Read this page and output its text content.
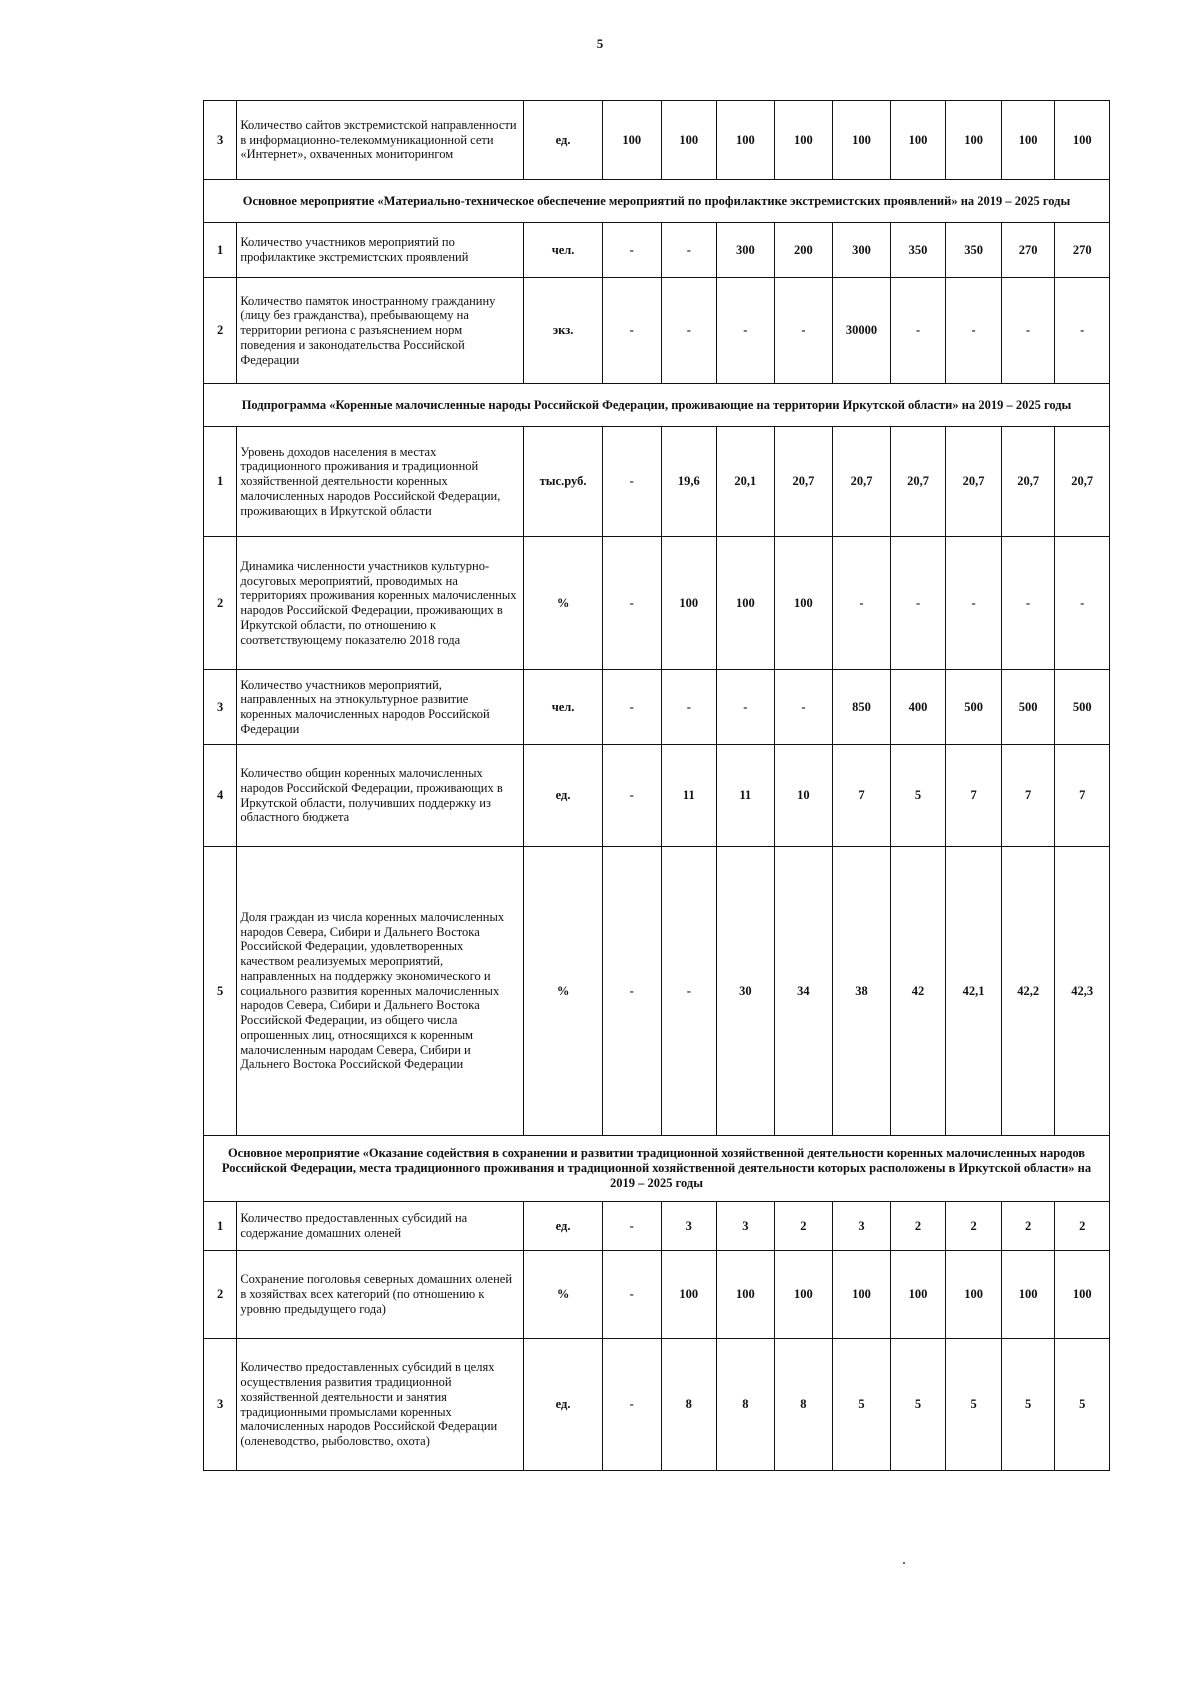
5
3	Количество сайтов экстремистской направленности в информационно-телекоммуникационной сети «Интернет», охваченных мониторингом	ед.	100	100	100	100	100	100	100	100	100
Основное мероприятие «Материально-техническое обеспечение мероприятий по профилактике экстремистских проявлений» на 2019 – 2025 годы											
1	Количество участников мероприятий по профилактике экстремистских проявлений	чел.	-	-	300	200	300	350	350	270	270
2	Количество памяток иностранному гражданину (лицу без гражданства), пребывающему на территории региона с разъяснением норм поведения и законодательства Российской Федерации	экз.	-	-	-	-	30000	-	-	-	-
Подпрограмма «Коренные малочисленные народы Российской Федерации, проживающие на территории Иркутской области» на 2019 – 2025 годы											
1	Уровень доходов населения в местах традиционного проживания и традиционной хозяйственной деятельности коренных малочисленных народов Российской Федерации, проживающих в Иркутской области	тыс.руб.	-	19,6	20,1	20,7	20,7	20,7	20,7	20,7	20,7
2	Динамика численности участников культурно-досуговых мероприятий, проводимых на территориях проживания коренных малочисленных народов Российской Федерации, проживающих в Иркутской области, по отношению к соответствующему показателю 2018 года	%	-	100	100	100	-	-	-	-	-
3	Количество участников мероприятий, направленных на этнокультурное развитие коренных малочисленных народов Российской Федерации	чел.	-	-	-	-	850	400	500	500	500
4	Количество общин коренных малочисленных народов Российской Федерации, проживающих в Иркутской области, получивших поддержку из областного бюджета	ед.	-	11	11	10	7	5	7	7	7
5	Доля граждан из числа коренных малочисленных народов Севера, Сибири и Дальнего Востока Российской Федерации, удовлетворенных качеством реализуемых мероприятий, направленных на поддержку экономического и социального развития коренных малочисленных народов Севера, Сибири и Дальнего Востока Российской Федерации, из общего числа опрошенных лиц, относящихся к коренным малочисленным народам Севера, Сибири и Дальнего Востока Российской Федерации	%	-	-	30	34	38	42	42,1	42,2	42,3
Основное мероприятие «Оказание содействия в сохранении и развитии традиционной хозяйственной деятельности коренных малочисленных народов Российской Федерации, места традиционного проживания и традиционной хозяйственной деятельности которых расположены в Иркутской области» на 2019 – 2025 годы											
1	Количество предоставленных субсидий на содержание домашних оленей	ед.	-	3	3	2	3	2	2	2	2
2	Сохранение поголовья северных домашних оленей в хозяйствах всех категорий (по отношению к уровню предыдущего года)	%	-	100	100	100	100	100	100	100	100
3	Количество предоставленных субсидий в целях осуществления развития традиционной хозяйственной деятельности и занятия традиционными промыслами коренных малочисленных народов Российской Федерации (оленеводство, рыболовство, охота)	ед.	-	8	8	8	5	5	5	5	5
